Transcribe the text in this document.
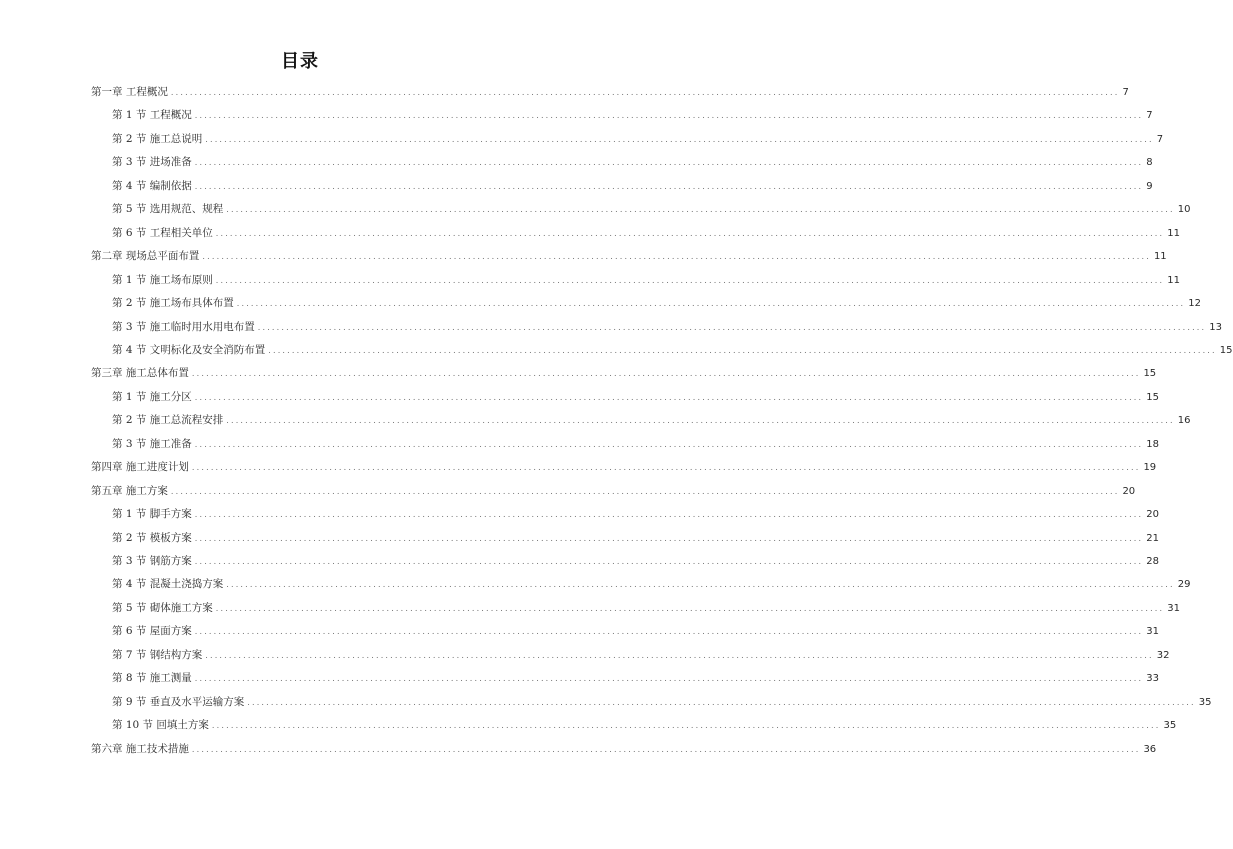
目录
第一章 工程概况 ........................................................................................................................................................................................................ 7
第 1 节 工程概况 ........................................................................................................................................................................................................ 7
第 2 节 施工总说明 ........................................................................................................................................................................................................ 7
第 3 节 进场准备 ........................................................................................................................................................................................................ 8
第 4 节 编制依据 ........................................................................................................................................................................................................ 9
第 5 节 选用规范、规程 ........................................................................................................................................................................................................ 10
第 6 节 工程相关单位 ........................................................................................................................................................................................................ 11
第二章 现场总平面布置 ........................................................................................................................................................................................................ 11
第 1 节 施工场布原则 ........................................................................................................................................................................................................ 11
第 2 节 施工场布具体布置 ........................................................................................................................................................................................................ 12
第 3 节 施工临时用水用电布置 ........................................................................................................................................................................................................ 13
第 4 节 文明标化及安全消防布置 ........................................................................................................................................................................................................ 15
第三章 施工总体布置 ........................................................................................................................................................................................................ 15
第 1 节 施工分区 ........................................................................................................................................................................................................ 15
第 2 节 施工总流程安排 ........................................................................................................................................................................................................ 16
第 3 节 施工准备 ........................................................................................................................................................................................................ 18
第四章 施工进度计划 ........................................................................................................................................................................................................ 19
第五章 施工方案 ........................................................................................................................................................................................................ 20
第 1 节 脚手方案 ........................................................................................................................................................................................................ 20
第 2 节 模板方案 ........................................................................................................................................................................................................ 21
第 3 节 钢筋方案 ........................................................................................................................................................................................................ 28
第 4 节 混凝土浇捣方案 ........................................................................................................................................................................................................ 29
第 5 节 砌体施工方案 ........................................................................................................................................................................................................ 31
第 6 节 屋面方案 ........................................................................................................................................................................................................ 31
第 7 节 钢结构方案 ........................................................................................................................................................................................................ 32
第 8 节 施工测量 ........................................................................................................................................................................................................ 33
第 9 节 垂直及水平运输方案 ........................................................................................................................................................................................................ 35
第 10 节 回填土方案 ........................................................................................................................................................................................................ 35
第六章 施工技术措施 ........................................................................................................................................................................................................ 36
